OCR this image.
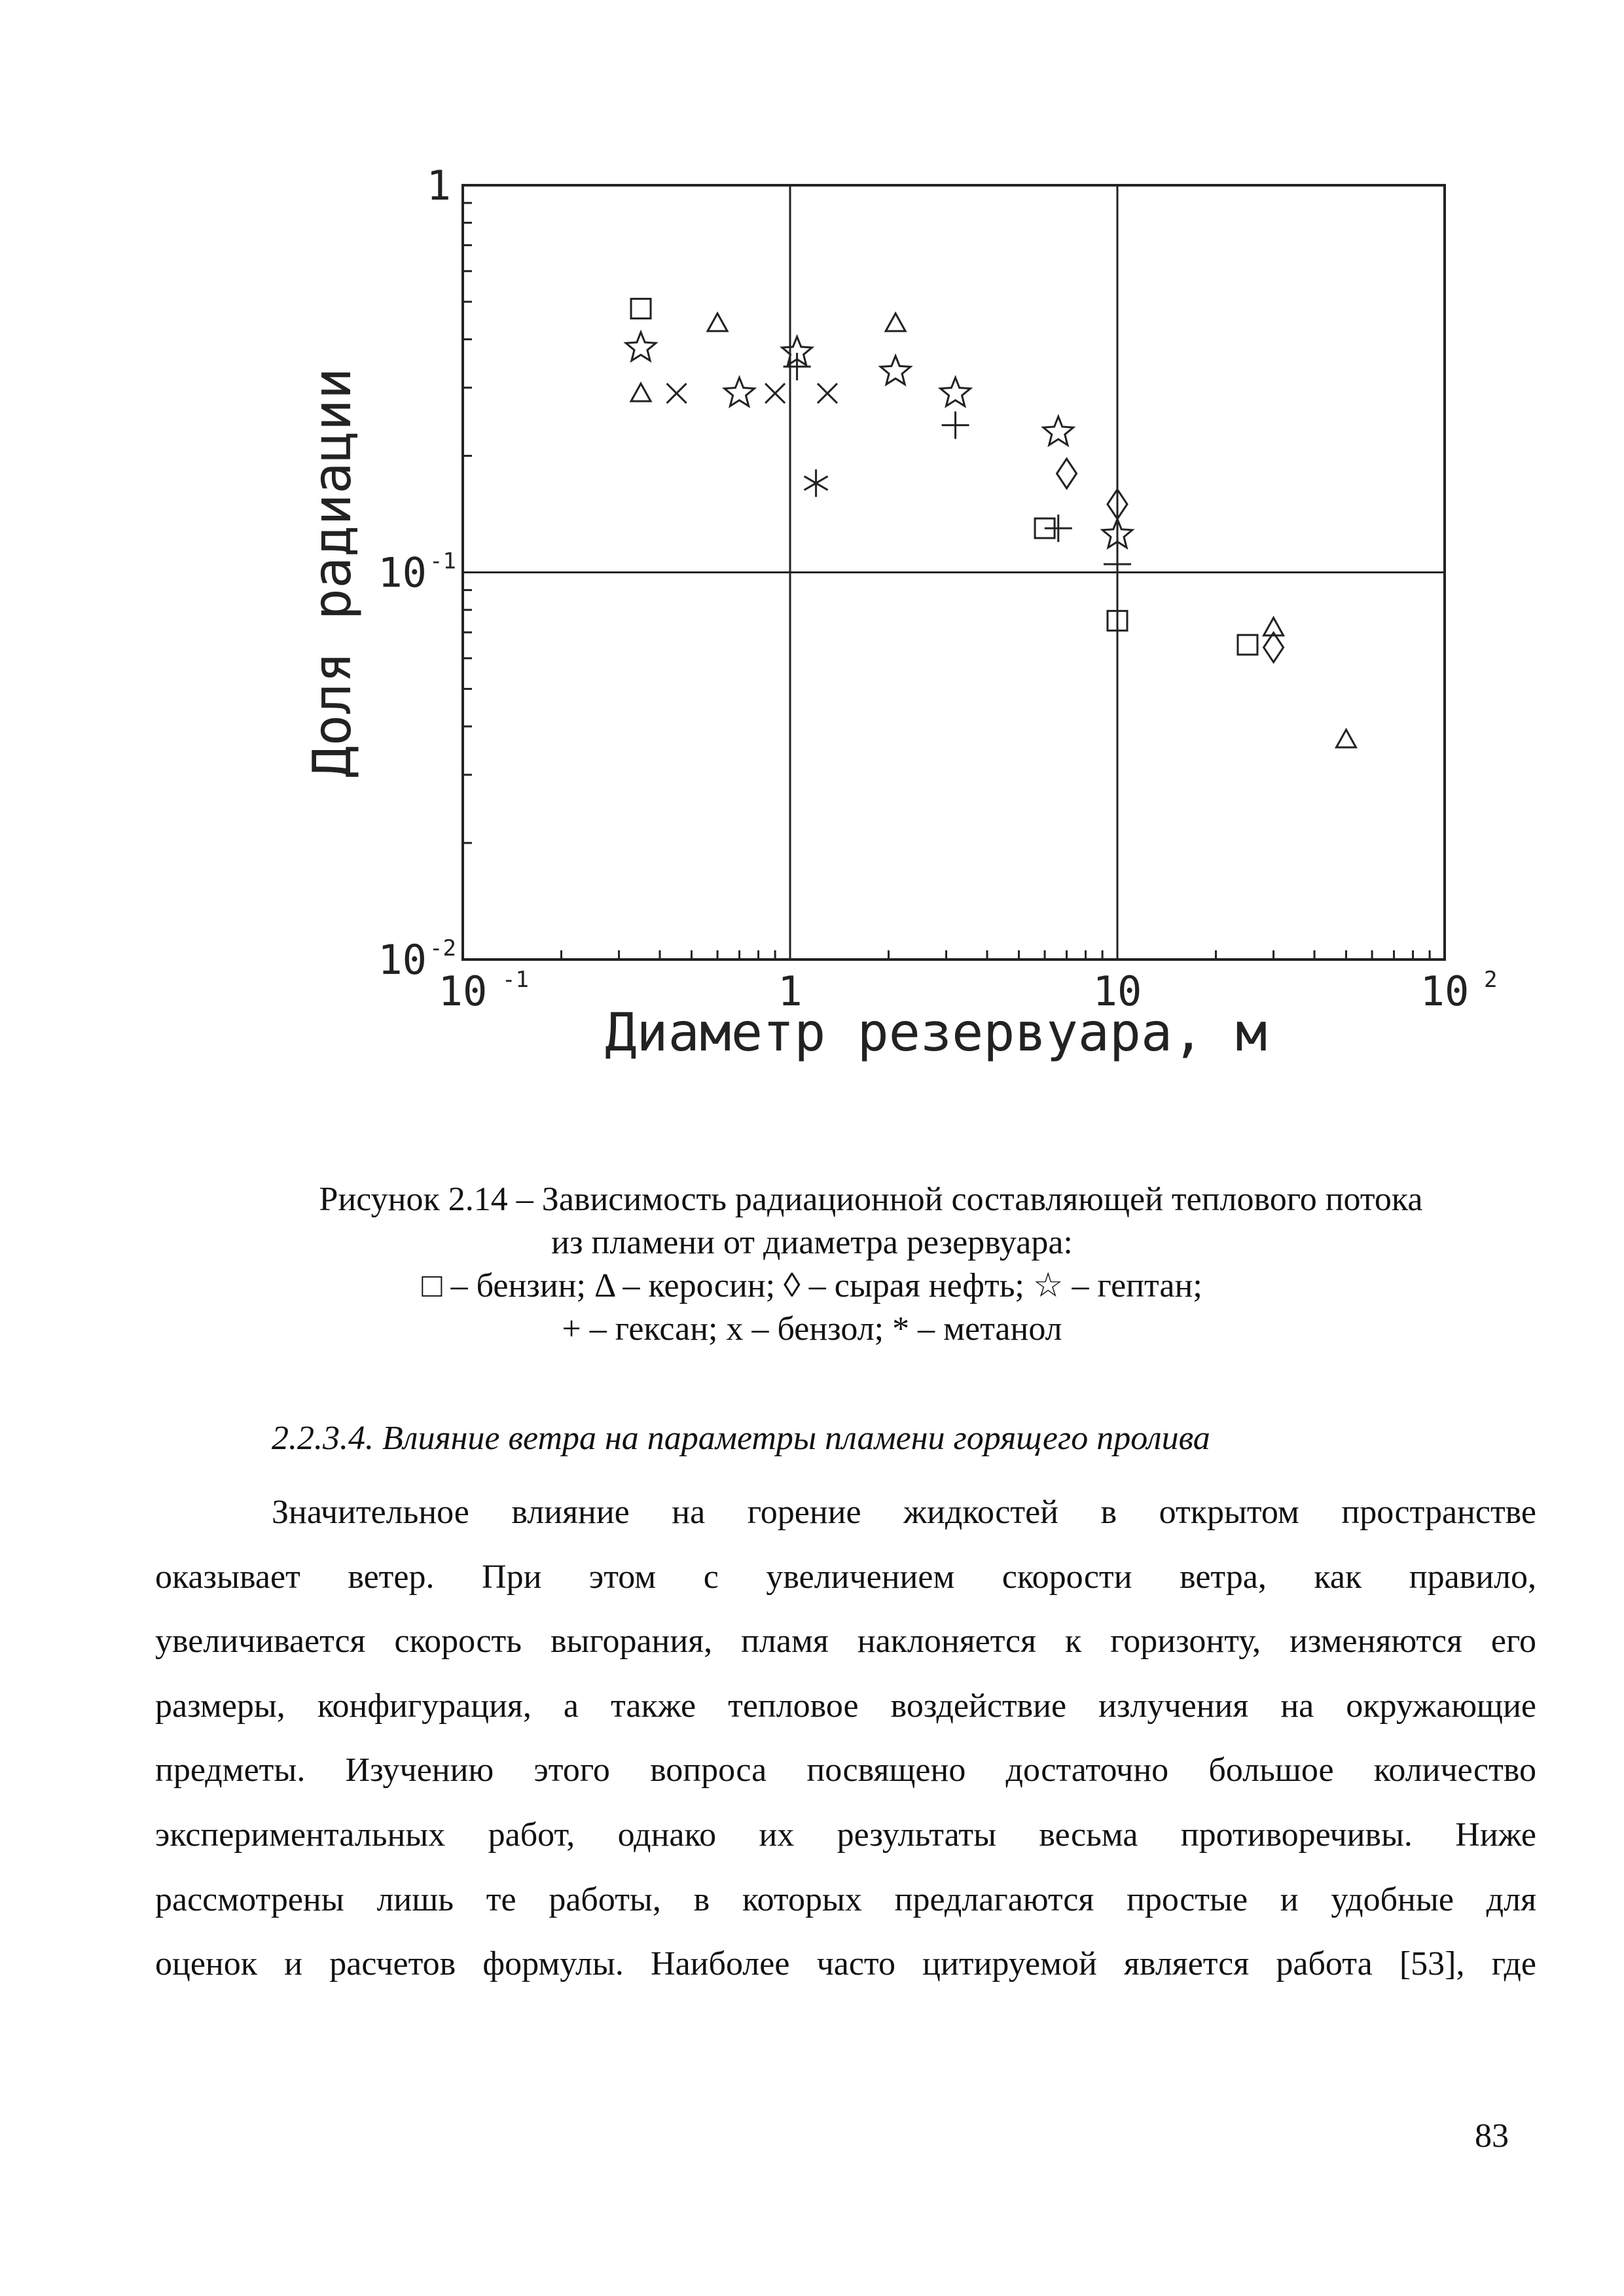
10 -1	1	10	10 2
1
10 -1
10 -2
Диаметр резервуара, м
Доля радиации
Рисунок 2.14 – Зависимость радиационной составляющей теплового потока
из пламени от диаметра резервуара:
□ – бензин; Δ – керосин; ◊ – сырая нефть; ☆ – гептан;
+ – гексан; х – бензол; * – метанол
2.2.3.4. Влияние ветра на параметры пламени горящего пролива
Значительное влияние на горение жидкостей в открытом пространстве
оказывает ветер. При этом с увеличением скорости ветра, как правило,
увеличивается скорость выгорания, пламя наклоняется к горизонту, изменяются его
размеры, конфигурация, а также тепловое воздействие излучения на окружающие
предметы. Изучению этого вопроса посвящено достаточно большое количество
экспериментальных работ, однако их результаты весьма противоречивы. Ниже
рассмотрены лишь те работы, в которых предлагаются простые и удобные для
оценок и расчетов формулы. Наиболее часто цитируемой является работа [53], где
83
